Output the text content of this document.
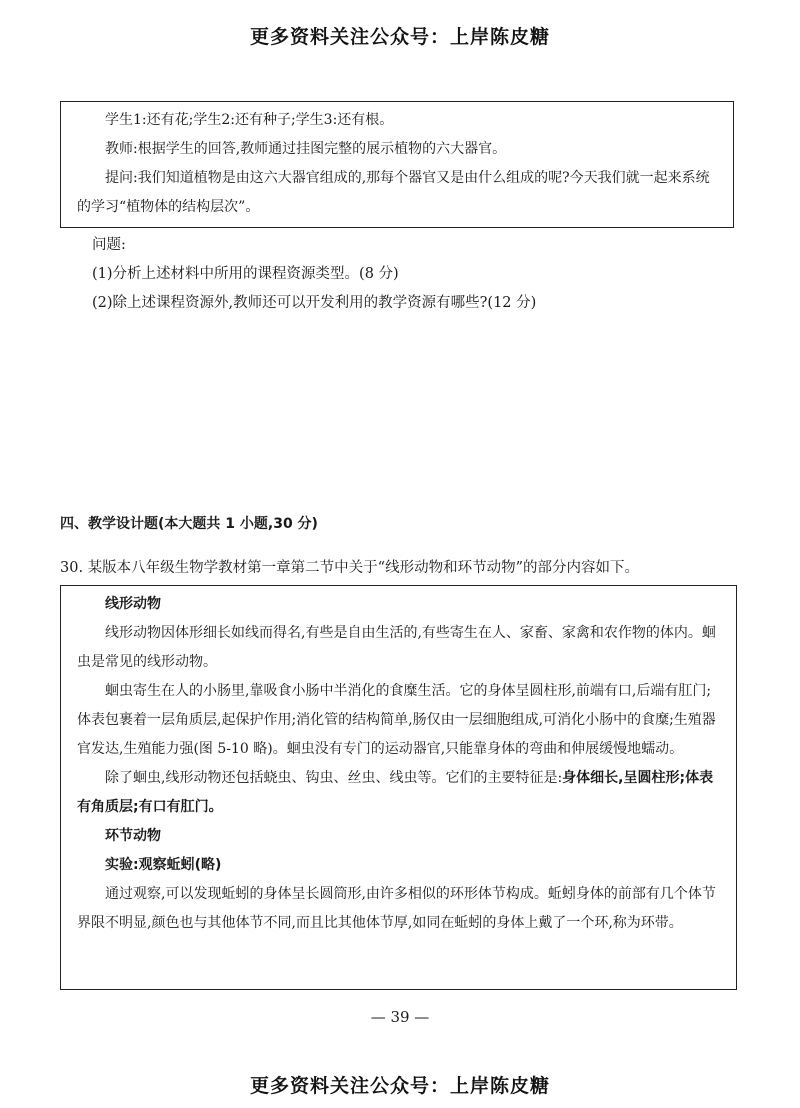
更多资料关注公众号：上岸陈皮糖

学生1:还有花;学生2:还有种子;学生3:还有根。

教师:根据学生的回答,教师通过挂图完整的展示植物的六大器官。

提问:我们知道植物是由这六大器官组成的,那每个器官又是由什么组成的呢?今天我们就一起来系统的学习“植物体的结构层次”。

问题:

(1)分析上述材料中所用的课程资源类型。(8 分)

(2)除上述课程资源外,教师还可以开发利用的教学资源有哪些?(12 分)

四、教学设计题(本大题共 1 小题,30 分)
30. 某版本八年级生物学教材第一章第二节中关于“线形动物和环节动物”的部分内容如下。

线形动物

线形动物因体形细长如线而得名,有些是自由生活的,有些寄生在人、家畜、家禽和农作物的体内。蛔虫是常见的线形动物。

蛔虫寄生在人的小肠里,靠吸食小肠中半消化的食糜生活。它的身体呈圆柱形,前端有口,后端有肛门;体表包裹着一层角质层,起保护作用;消化管的结构简单,肠仅由一层细胞组成,可消化小肠中的食糜;生殖器官发达,生殖能力强(图 5-10 略)。蛔虫没有专门的运动器官,只能靠身体的弯曲和伸展缓慢地蠕动。

除了蛔虫,线形动物还包括蛲虫、钩虫、丝虫、线虫等。它们的主要特征是:身体细长,呈圆柱形;体表有角质层;有口有肛门。

环节动物

实验:观察蚯蚓(略)

通过观察,可以发现蚯蚓的身体呈长圆筒形,由许多相似的环形体节构成。蚯蚓身体的前部有几个体节界限不明显,颜色也与其他体节不同,而且比其他体节厚,如同在蚯蚓的身体上戴了一个环,称为环带。

— 39 —
更多资料关注公众号：上岸陈皮糖
